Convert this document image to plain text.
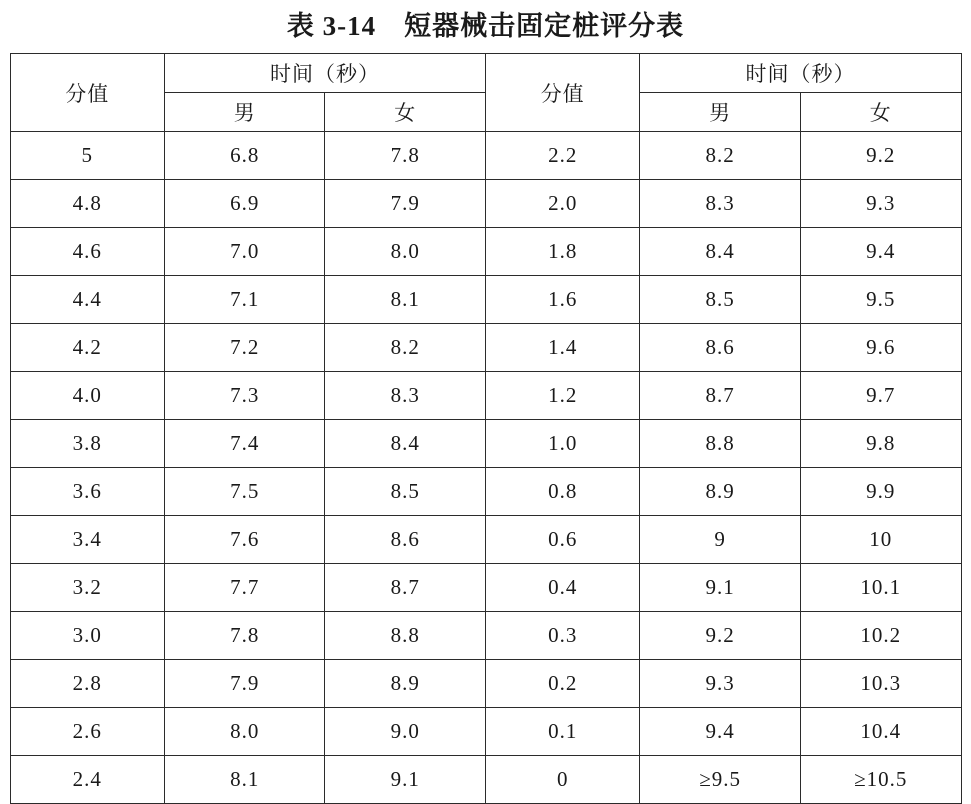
表 3-14　短器械击固定桩评分表
分值	时间（秒）		分值	时间（秒）	
	男	女		男	女
5	6.8	7.8	2.2	8.2	9.2
4.8	6.9	7.9	2.0	8.3	9.3
4.6	7.0	8.0	1.8	8.4	9.4
4.4	7.1	8.1	1.6	8.5	9.5
4.2	7.2	8.2	1.4	8.6	9.6
4.0	7.3	8.3	1.2	8.7	9.7
3.8	7.4	8.4	1.0	8.8	9.8
3.6	7.5	8.5	0.8	8.9	9.9
3.4	7.6	8.6	0.6	9	10
3.2	7.7	8.7	0.4	9.1	10.1
3.0	7.8	8.8	0.3	9.2	10.2
2.8	7.9	8.9	0.2	9.3	10.3
2.6	8.0	9.0	0.1	9.4	10.4
2.4	8.1	9.1	0	≥9.5	≥10.5
